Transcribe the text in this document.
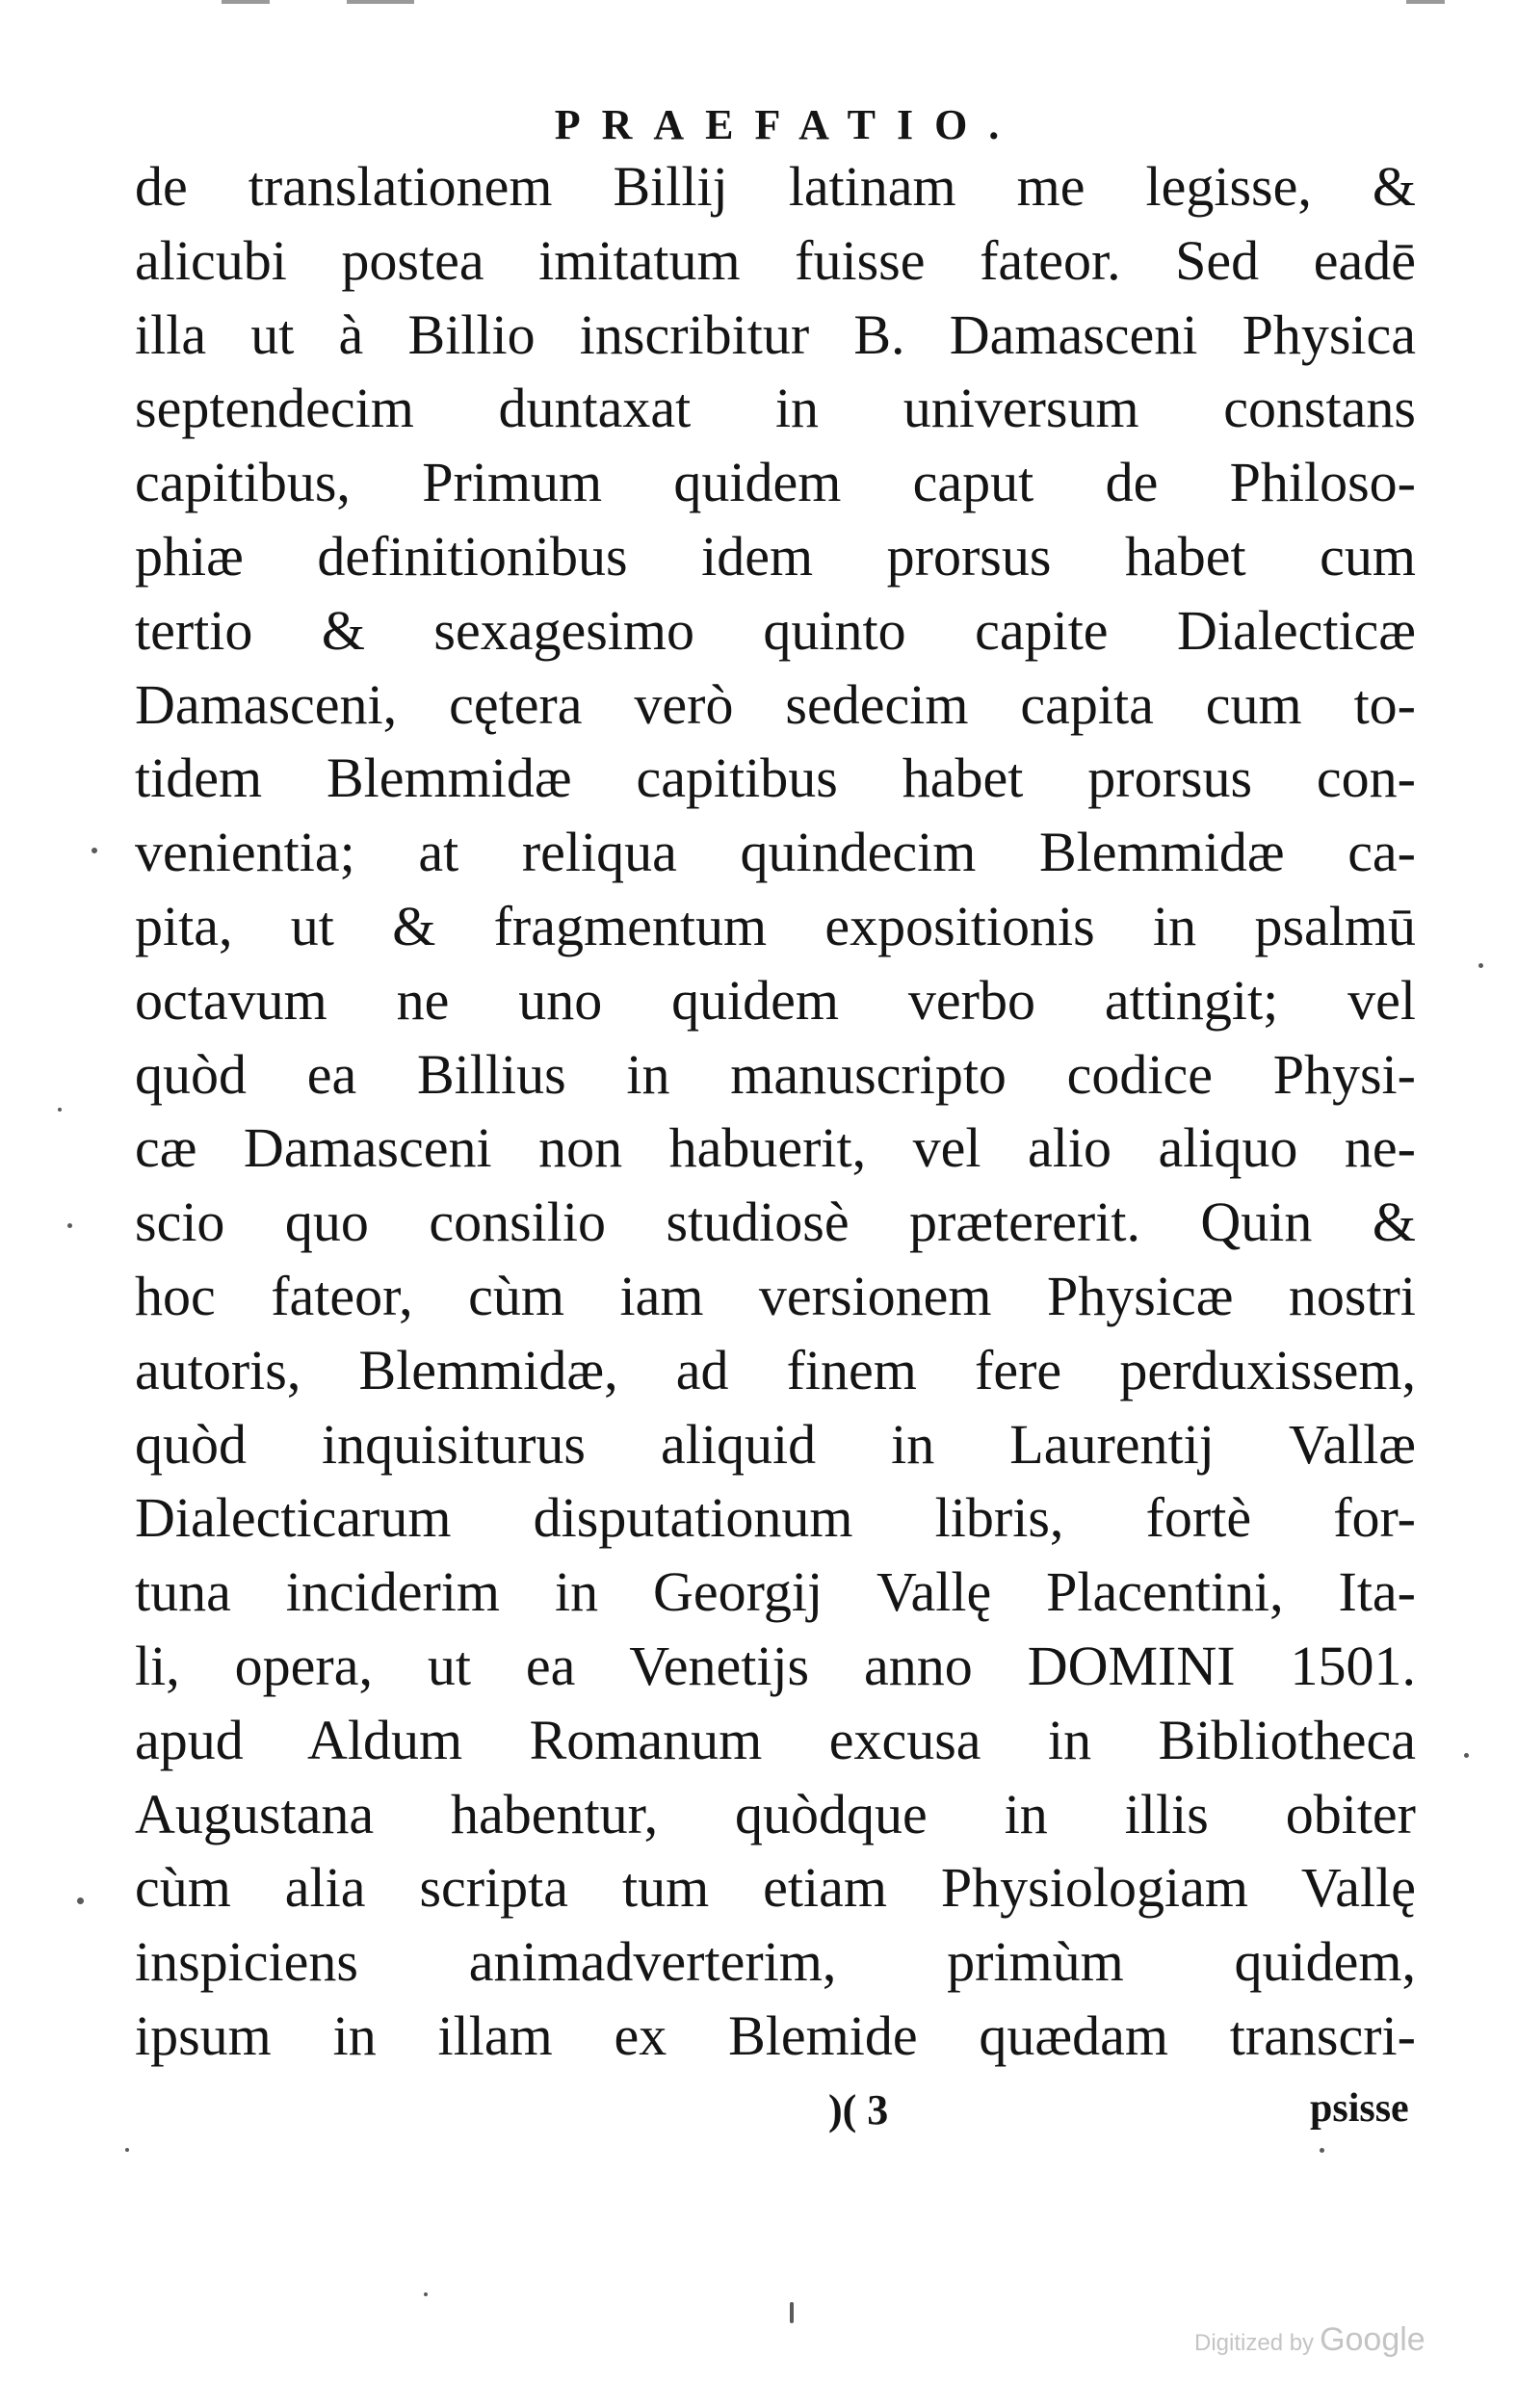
PRAEFATIO.
de translationem Billij latinam me legisse, &
alicubi postea imitatum fuisse fateor. Sed eadē
illa ut à Billio inscribitur B. Damasceni Physica
septendecim duntaxat in universum constans
capitibus, Primum quidem caput de Philoso-
phiæ definitionibus idem prorsus habet cum
tertio & sexagesimo quinto capite Dialecticæ
Damasceni, cętera verò sedecim capita cum to-
tidem Blemmidæ capitibus habet prorsus con-
venientia; at reliqua quindecim Blemmidæ ca-
pita, ut & fragmentum expositionis in psalmū
octavum ne uno quidem verbo attingit; vel
quòd ea Billius in manuscripto codice Physi-
cæ Damasceni non habuerit, vel alio aliquo ne-
scio quo consilio studiosè prætererit. Quin &
hoc fateor, cùm iam versionem Physicæ nostri
autoris, Blemmidæ, ad finem fere perduxissem,
quòd inquisiturus aliquid in Laurentij Vallæ
Dialecticarum disputationum libris, fortè for-
tuna inciderim in Georgij Vallę Placentini, Ita-
li, opera, ut ea Venetijs anno DOMINI 1501.
apud Aldum Romanum excusa in Bibliotheca
Augustana habentur, quòdque in illis obiter
cùm alia scripta tum etiam Physiologiam Vallę
inspiciens animadverterim, primùm quidem,
ipsum in illam ex Blemide quædam transcri-
)( 3	psisse
Digitized by Google
